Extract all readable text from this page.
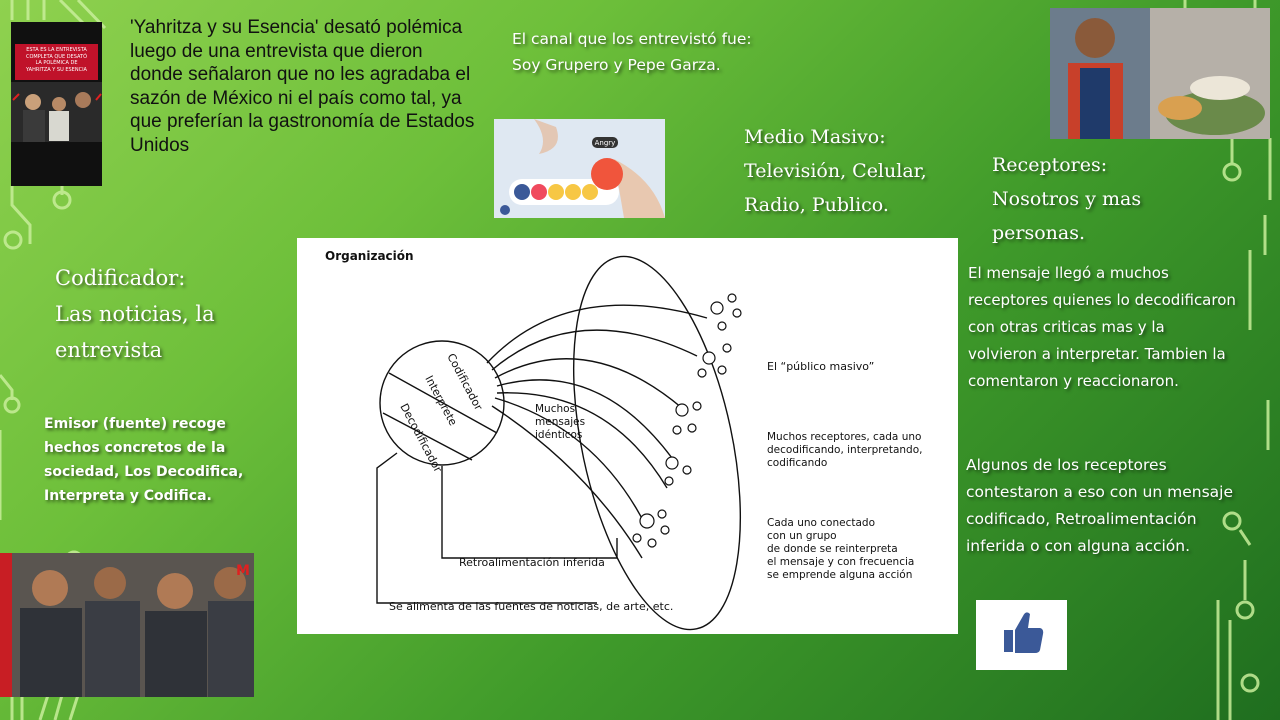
'Yahritza y su Esencia' desató polémica luego de una entrevista que dieron donde señalaron que no les agradaba el sazón de México ni el país como tal, ya que preferían la gastronomía de Estados Unidos
ESTA ES LA ENTREVISTA
COMPLETA QUE DESATÓ
LA POLÉMICA DE
YAHRITZA Y SU ESENCIA
El canal que los entrevistó fue: Soy Grupero y Pepe Garza.
Angry	Medio Masivo:
Televisión, Celular,
Radio, Publico.
Receptores:
Nosotros y mas
personas.
Codificador:
Las noticias, la
entrevista
Emisor (fuente) recoge hechos concretos de la sociedad, Los Decodifica, Interpreta y Codifica.
El mensaje llegó a muchos receptores quienes lo decodificaron con otras criticas mas y la volvieron a interpretar. Tambien la comentaron y reaccionaron.
Algunos de los receptores contestaron a eso con un mensaje codificado, Retroalimentación inferida o con alguna acción.
Organización
Codificador
Interprete
Decodificador	Muchos
mensajes
idénticos
El “público masivo”
Muchos receptores, cada uno
decodificando, interpretando,
codificando
Cada uno conectado
con un grupo
de donde se reinterpreta
el mensaje y con frecuencia
se emprende alguna acción
Retroalimentación inferida
Se alimenta de las fuentes de noticias, de arte, etc.
M
